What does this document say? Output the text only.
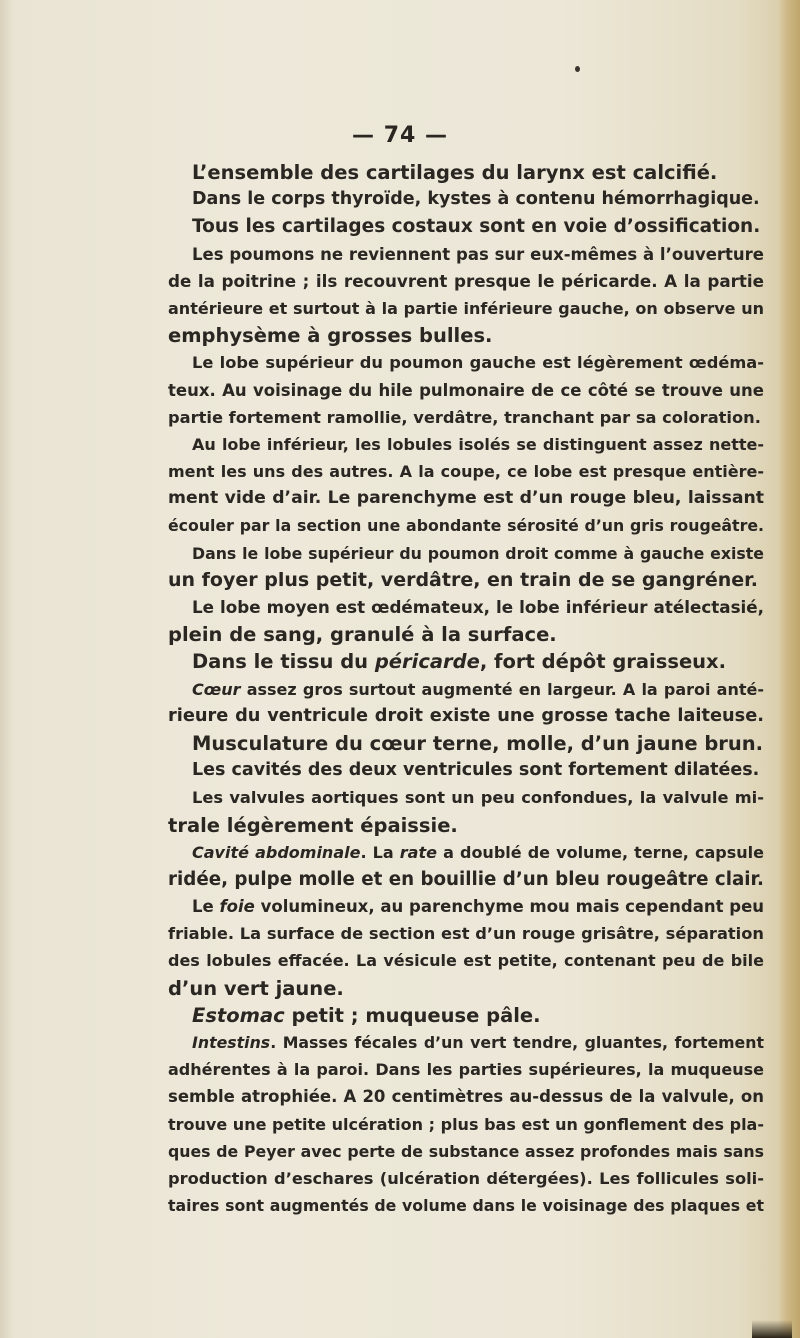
— 74 —
L’ensemble des cartilages du larynx est calcifié.
Dans le corps thyroïde, kystes à contenu hémorrhagique.
Tous les cartilages costaux sont en voie d’ossification.
Les poumons ne reviennent pas sur eux-mêmes à l’ouverture
de la poitrine ; ils recouvrent presque le péricarde. A la partie
antérieure et surtout à la partie inférieure gauche, on observe un
emphysème à grosses bulles.
Le lobe supérieur du poumon gauche est légèrement œdéma-
teux. Au voisinage du hile pulmonaire de ce côté se trouve une
partie fortement ramollie, verdâtre, tranchant par sa coloration.
Au lobe inférieur, les lobules isolés se distinguent assez nette-
ment les uns des autres. A la coupe, ce lobe est presque entière-
ment vide d’air. Le parenchyme est d’un rouge bleu, laissant
écouler par la section une abondante sérosité d’un gris rougeâtre.
Dans le lobe supérieur du poumon droit comme à gauche existe
un foyer plus petit, verdâtre, en train de se gangréner.
Le lobe moyen est œdémateux, le lobe inférieur atélectasié,
plein de sang, granulé à la surface.
Dans le tissu du péricarde, fort dépôt graisseux.
Cœur assez gros surtout augmenté en largeur. A la paroi anté-
rieure du ventricule droit existe une grosse tache laiteuse.
Musculature du cœur terne, molle, d’un jaune brun.
Les cavités des deux ventricules sont fortement dilatées.
Les valvules aortiques sont un peu confondues, la valvule mi-
trale légèrement épaissie.
Cavité abdominale. La rate a doublé de volume, terne, capsule
ridée, pulpe molle et en bouillie d’un bleu rougeâtre clair.
Le foie volumineux, au parenchyme mou mais cependant peu
friable. La surface de section est d’un rouge grisâtre, séparation
des lobules effacée. La vésicule est petite, contenant peu de bile
d’un vert jaune.
Estomac petit ; muqueuse pâle.
Intestins. Masses fécales d’un vert tendre, gluantes, fortement
adhérentes à la paroi. Dans les parties supérieures, la muqueuse
semble atrophiée. A 20 centimètres au-dessus de la valvule, on
trouve une petite ulcération ; plus bas est un gonflement des pla-
ques de Peyer avec perte de substance assez profondes mais sans
production d’eschares (ulcération détergées). Les follicules soli-
taires sont augmentés de volume dans le voisinage des plaques et
